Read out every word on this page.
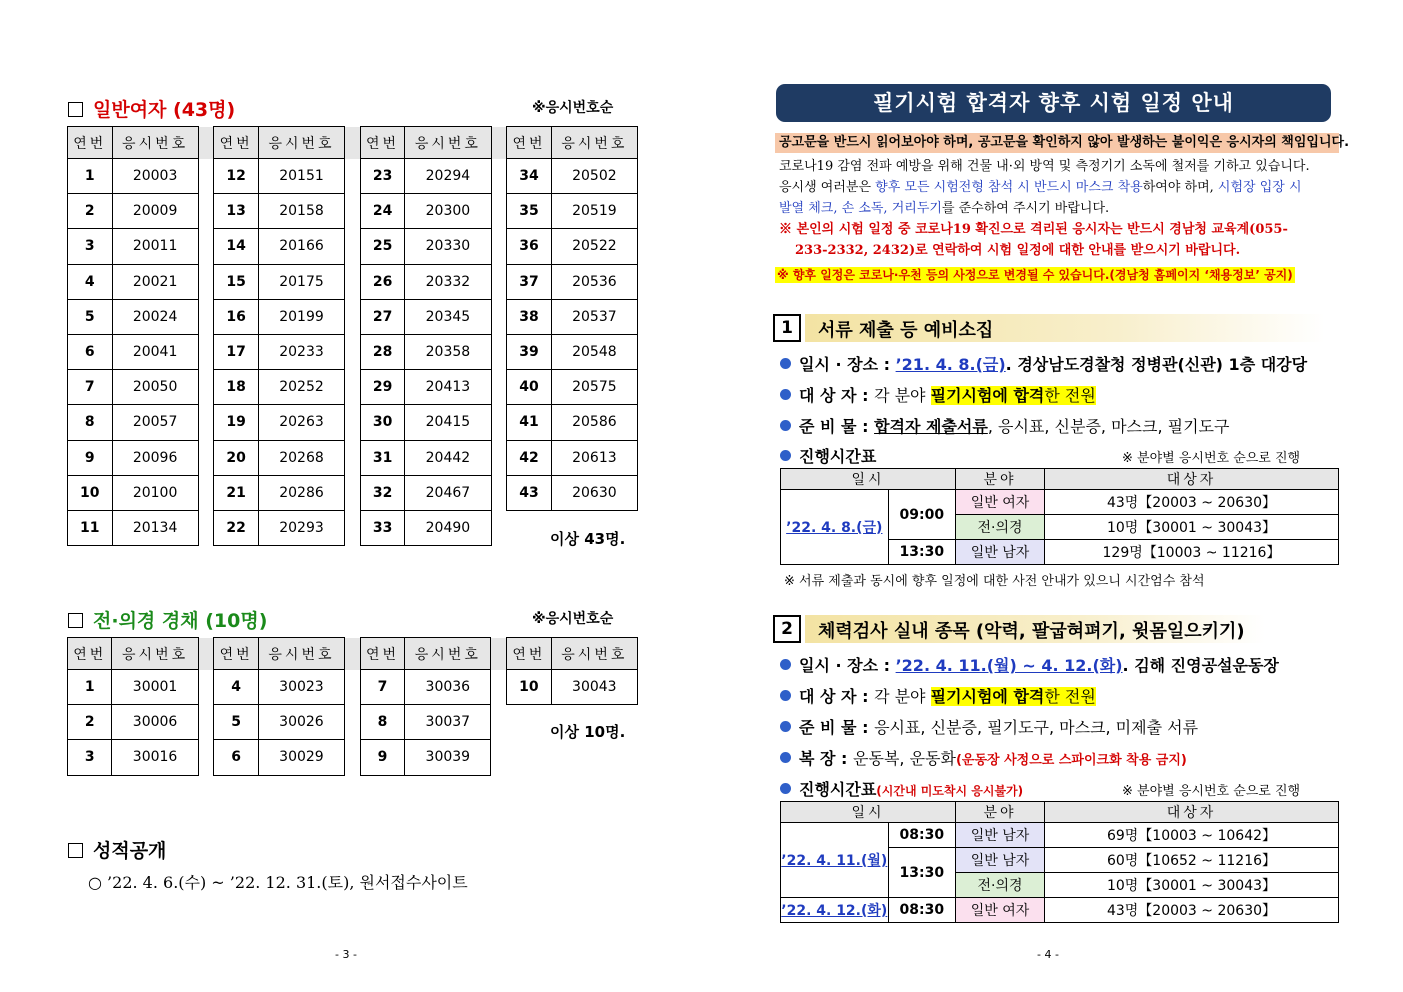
일반여자 (43명)	※응시번호순
연번	응시번호		연번	응시번호		연번	응시번호		연번	응시번호
1	20003		12	20151		23	20294		34	20502
2	20009		13	20158		24	20300		35	20519
3	20011		14	20166		25	20330		36	20522
4	20021		15	20175		26	20332		37	20536
5	20024		16	20199		27	20345		38	20537
6	20041		17	20233		28	20358		39	20548
7	20050		18	20252		29	20413		40	20575
8	20057		19	20263		30	20415		41	20586
9	20096		20	20268		31	20442		42	20613
10	20100		21	20286		32	20467		43	20630
11	20134		22	20293		33	20490			
이상 43명.
전·의경 경채 (10명)	※응시번호순
연번	응시번호		연번	응시번호		연번	응시번호		연번	응시번호
1	30001		4	30023		7	30036		10	30043
2	30006		5	30026		8	30037			
3	30016		6	30029		9	30039			
이상 10명.
성적공개
○ ’22. 4. 6.(수) ~ ’22. 12. 31.(토), 원서접수사이트
- 3 -
필기시험 합격자 향후 시험 일정 안내
공고문을 반드시 읽어보아야 하며, 공고문을 확인하지 않아 발생하는 불이익은 응시자의 책임입니다.
코로나19 감염 전파 예방을 위해 건물 내·외 방역 및 측정기기 소독에 철저를 기하고 있습니다.
응시생 여러분은 향후 모든 시험전형 참석 시 반드시 마스크 착용하여야 하며, 시험장 입장 시
발열 체크, 손 소독, 거리두기를 준수하여 주시기 바랍니다.
※ 본인의 시험 일정 중 코로나19 확진으로 격리된 응시자는 반드시 경남청 교육계(055-
233-2332, 2432)로 연락하여 시험 일정에 대한 안내를 받으시기 바랍니다.
※ 향후 일정은 코로나·우천 등의 사정으로 변경될 수 있습니다.(경남청 홈페이지 ‘채용정보’ 공지)
1	서류 제출 등 예비소집
일시 · 장소 : ’21. 4. 8.(금). 경상남도경찰청 정병관(신관) 1층 대강당
대 상 자 : 각 분야 필기시험에 합격한 전원
준 비 물 : 합격자 제출서류, 응시표, 신분증, 마스크, 필기도구
진행시간표	※ 분야별 응시번호 순으로 진행
일시		분야	대상자
’22. 4. 8.(금)	09:00	일반 여자	43명【20003 ~ 20630】
		전·의경	10명【30001 ~ 30043】
	13:30	일반 남자	129명【10003 ~ 11216】
※ 서류 제출과 동시에 향후 일정에 대한 사전 안내가 있으니 시간엄수 참석
2	체력검사 실내 종목 (악력, 팔굽혀펴기, 윗몸일으키기)
일시 · 장소 : ’22. 4. 11.(월) ~ 4. 12.(화). 김해 진영공설운동장
대 상 자 : 각 분야 필기시험에 합격한 전원
준 비 물 : 응시표, 신분증, 필기도구, 마스크, 미제출 서류
복 장 : 운동복, 운동화(운동장 사정으로 스파이크화 착용 금지)
진행시간표(시간내 미도착시 응시불가)	※ 분야별 응시번호 순으로 진행
일시		분야	대상자
’22. 4. 11.(월)	08:30	일반 남자	69명【10003 ~ 10642】
	13:30	일반 남자	60명【10652 ~ 11216】
		전·의경	10명【30001 ~ 30043】
’22. 4. 12.(화)	08:30	일반 여자	43명【20003 ~ 20630】
- 4 -
